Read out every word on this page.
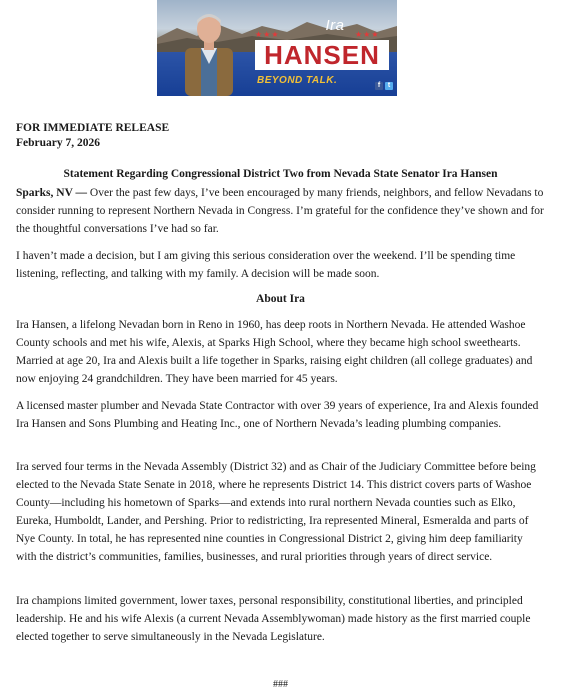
★★★
Ira
★★★
HANSEN
BEYOND TALK.	f	t
FOR IMMEDIATE RELEASE
February 7, 2026
Statement Regarding Congressional District Two from Nevada State Senator Ira Hansen

Sparks, NV — Over the past few days, I’ve been encouraged by many friends, neighbors, and fellow Nevadans to consider running to represent Northern Nevada in Congress. I’m grateful for the confidence they’ve shown and for the thoughtful conversations I’ve had so far.

I haven’t made a decision, but I am giving this serious consideration over the weekend. I’ll be spending time listening, reflecting, and talking with my family. A decision will be made soon.

About Ira

Ira Hansen, a lifelong Nevadan born in Reno in 1960, has deep roots in Northern Nevada. He attended Washoe County schools and met his wife, Alexis, at Sparks High School, where they became high school sweethearts. Married at age 20, Ira and Alexis built a life together in Sparks, raising eight children (all college graduates) and now enjoying 24 grandchildren. They have been married for 45 years.

A licensed master plumber and Nevada State Contractor with over 39 years of experience, Ira and Alexis founded Ira Hansen and Sons Plumbing and Heating Inc., one of Northern Nevada’s leading plumbing companies.

Ira served four terms in the Nevada Assembly (District 32) and as Chair of the Judiciary Committee before being elected to the Nevada State Senate in 2018, where he represents District 14. This district covers parts of Washoe County—including his hometown of Sparks—and extends into rural northern Nevada counties such as Elko, Eureka, Humboldt, Lander, and Pershing. Prior to redistricting, Ira represented Mineral, Esmeralda and parts of Nye County. In total, he has represented nine counties in Congressional District 2, giving him deep familiarity with the district’s communities, families, businesses, and rural priorities through years of direct service.

Ira champions limited government, lower taxes, personal responsibility, constitutional liberties, and principled leadership. He and his wife Alexis (a current Nevada Assemblywoman) made history as the first married couple elected together to serve simultaneously in the Nevada Legislature.

###
